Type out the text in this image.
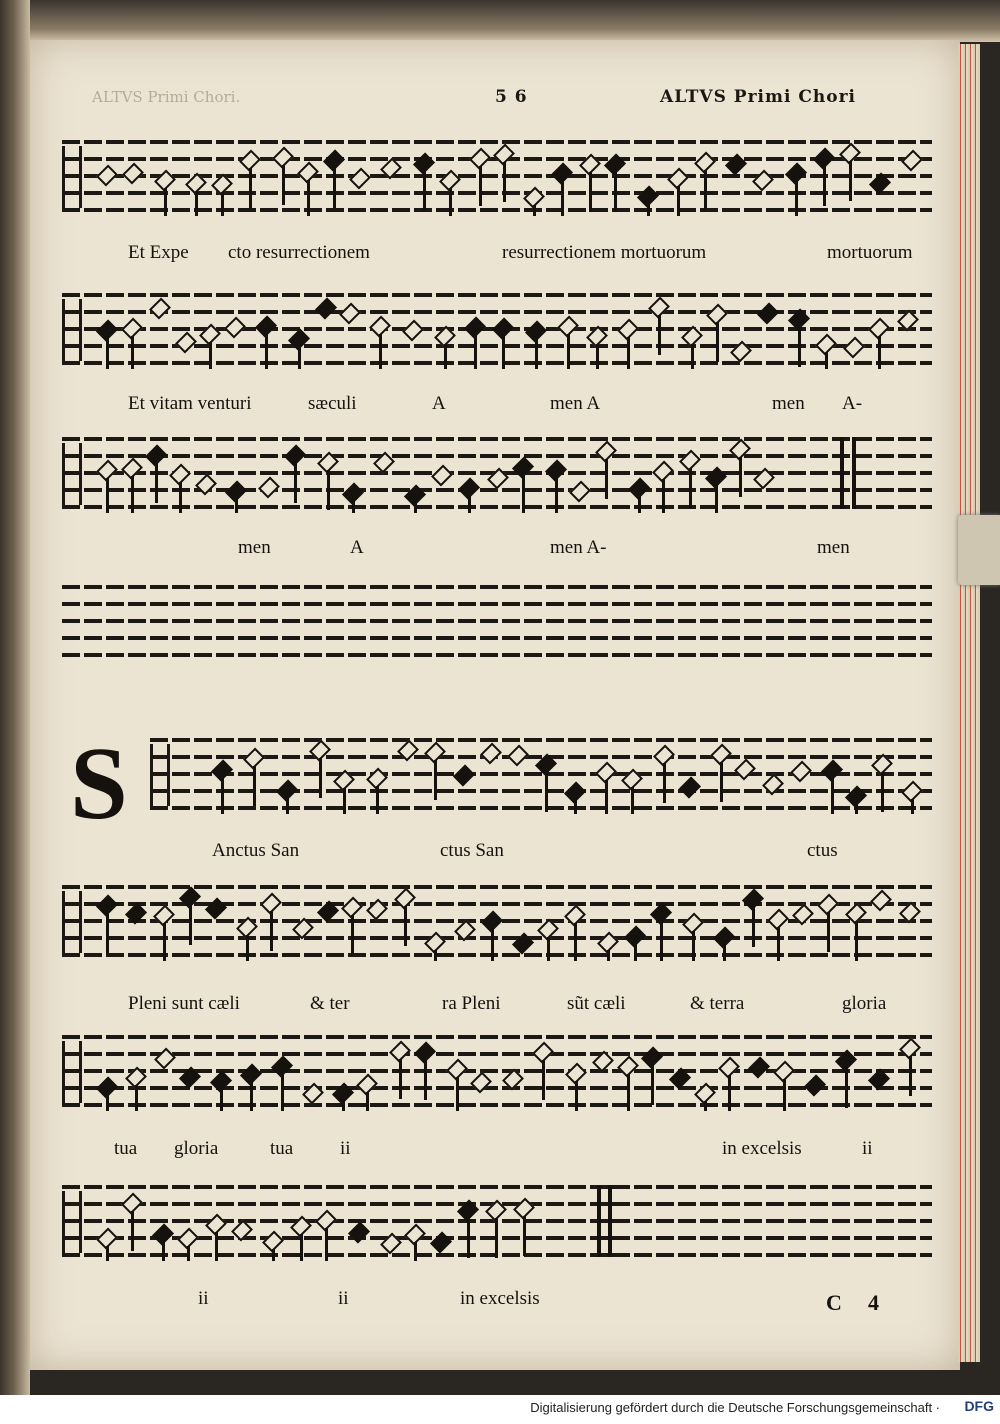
ALTVS Primi Chori.	5 6	ALTVS Primi Chori
Et Expe cto resurrectionem	resurrectionem mortuorum	mortuorum
Et vitam venturi	sæculi	A	men A	men A-
men	A	men A-	men
S
Anctus San	ctus San	ctus
Pleni sunt cæli	& ter	ra Pleni	sũt cæli	& terra	gloria
tua gloria	tua ii	in excelsis	ii
ii	ii	in excelsis	C 4
Digitalisierung gefördert durch die Deutsche Forschungsgemeinschaft · DFG
